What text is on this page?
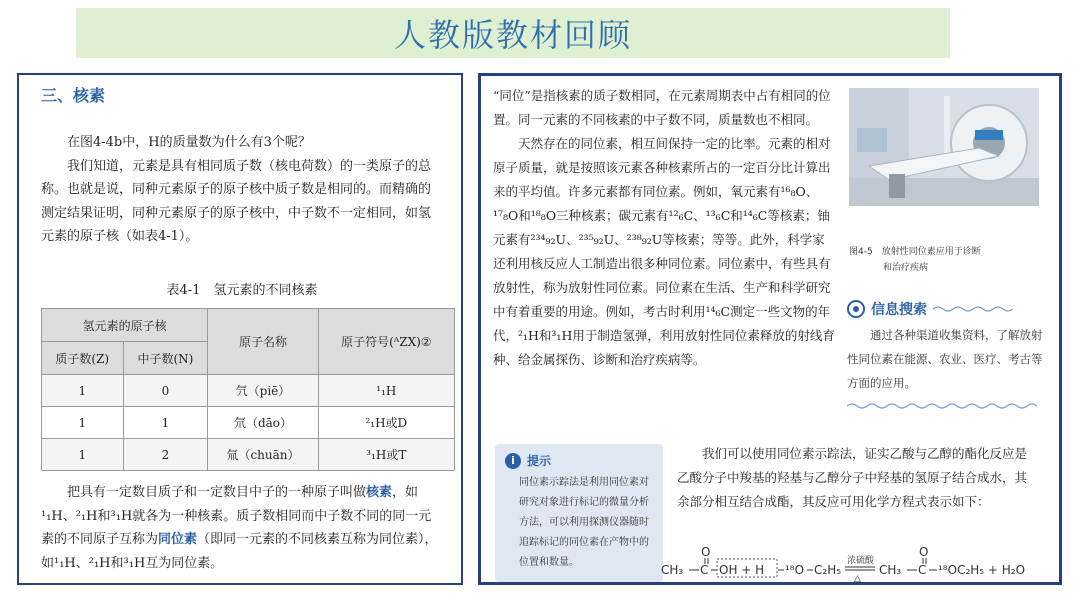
人教版教材回顾
三、核素

在图4-4b中，H的质量数为什么有3个呢？

我们知道，元素是具有相同质子数（核电荷数）的一类原子的总称。也就是说，同种元素原子的原子核中质子数是相同的。而精确的测定结果证明，同种元素原子的原子核中，中子数不一定相同，如氢元素的原子核（如表4-1）。

表4-1　氢元素的不同核素
氢元素的原子核		原子名称	原子符号(ᴬZX)②
质子数(Z)	中子数(N)		
1	0	氕（piē）	¹₁H
1	1	氘（dāo）	²₁H或D
1	2	氚（chuān）	³₁H或T

把具有一定数目质子和一定数目中子的一种原子叫做核素，如¹₁H、²₁H和³₁H就各为一种核素。质子数相同而中子数不同的同一元素的不同原子互称为同位素（即同一元素的不同核素互称为同位素），如¹₁H、²₁H和³₁H互为同位素。

“同位”是指核素的质子数相同，在元素周期表中占有相同的位置。同一元素的不同核素的中子数不同，质量数也不相同。

天然存在的同位素，相互间保持一定的比率。元素的相对原子质量，就是按照该元素各种核素所占的一定百分比计算出来的平均值。许多元素都有同位素。例如，氧元素有¹⁶₈O、¹⁷₈O和¹⁸₈O三种核素；碳元素有¹²₆C、¹³₆C和¹⁴₆C等核素；铀元素有²³⁴₉₂U、²³⁵₉₂U、²³⁸₉₂U等核素；等等。此外，科学家还利用核反应人工制造出很多种同位素。同位素中，有些具有放射性，称为放射性同位素。同位素在生活、生产和科学研究中有着重要的用途。例如，考古时利用¹⁴₆C测定一些文物的年代，²₁H和³₁H用于制造氢弹，利用放射性同位素释放的射线育种、给金属探伤、诊断和治疗疾病等。

图4-5　放射性同位素应用于诊断
和治疗疾病
信息搜索
通过各种渠道收集资料，了解放射性同位素在能源、农业、医疗、考古等方面的应用。
i	提示
同位素示踪法是利用同位素对研究对象进行标记的微量分析方法，可以利用探测仪器随时追踪标记的同位素在产物中的位置和数量。

我们可以使用同位素示踪法，证实乙酸与乙醇的酯化反应是乙酸分子中羧基的羟基与乙醇分子中羟基的氢原子结合成水，其余部分相互结合成酯，其反应可用化学方程式表示如下：

CH₃ C
O
OH + H ¹⁸O C₂H₅
浓硫酸
△
CH₃ C
O
¹⁸OC₂H₅ + H₂O
